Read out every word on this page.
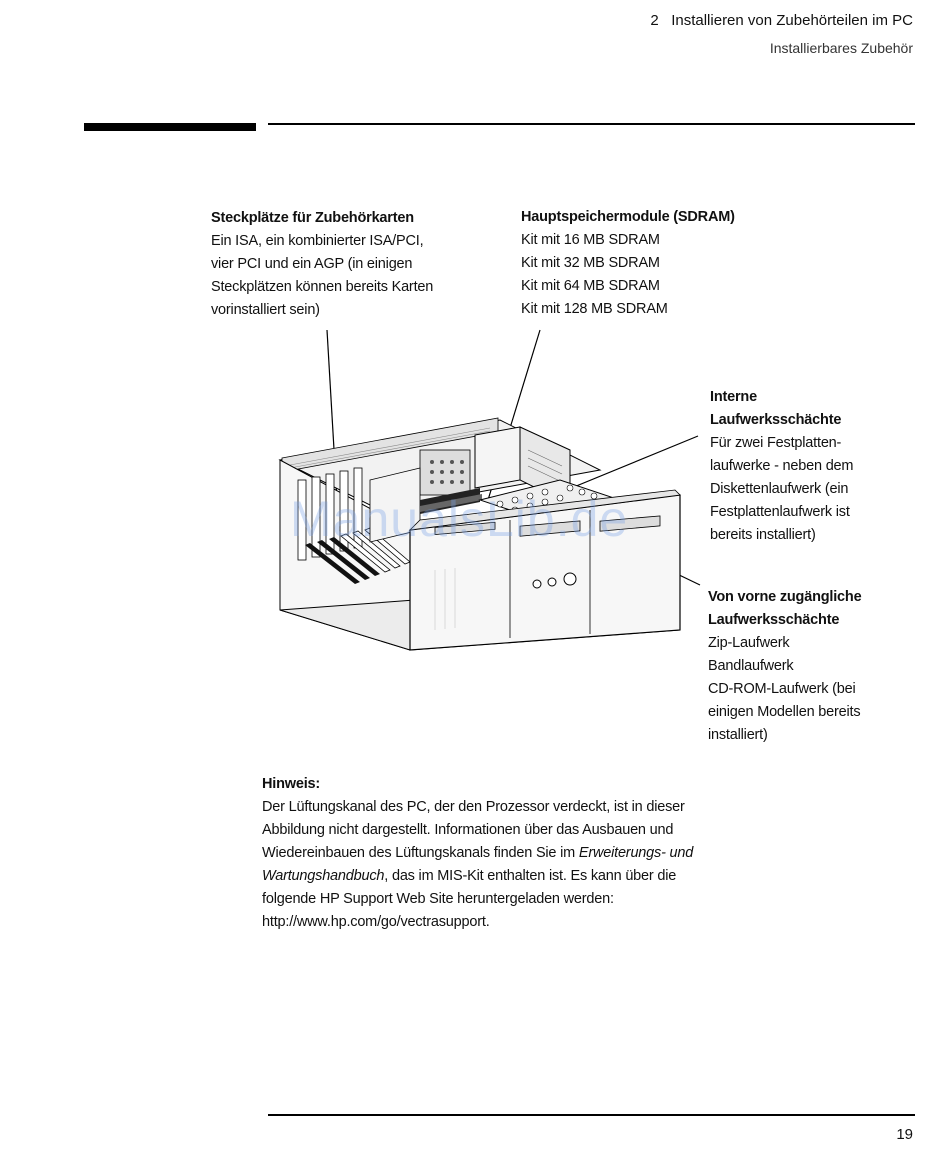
2   Installieren von Zubehörteilen im PC
Installierbares Zubehör
Steckplätze für Zubehörkarten
Ein ISA, ein kombinierter ISA/PCI,
vier PCI und ein AGP (in einigen
Steckplätzen können bereits Karten
vorinstalliert sein)
Hauptspeichermodule (SDRAM)
Kit mit 16 MB SDRAM
Kit mit 32 MB SDRAM
Kit mit 64 MB SDRAM
Kit mit 128 MB SDRAM
Interne
Laufwerksschächte
Für zwei Festplatten-
laufwerke - neben dem
Diskettenlaufwerk (ein
Festplattenlaufwerk ist
bereits installiert)
Von vorne zugängliche
Laufwerksschächte
Zip-Laufwerk
Bandlaufwerk
CD-ROM-Laufwerk (bei
einigen Modellen bereits
installiert)
ManualsLib.de
Hinweis:
Der Lüftungskanal des PC, der den Prozessor verdeckt, ist in dieser
Abbildung nicht dargestellt. Informationen über das Ausbauen und
Wiedereinbauen des Lüftungskanals finden Sie im Erweiterungs- und
Wartungshandbuch, das im MIS-Kit enthalten ist. Es kann über die
folgende HP Support Web Site heruntergeladen werden:
http://www.hp.com/go/vectrasupport.
19
